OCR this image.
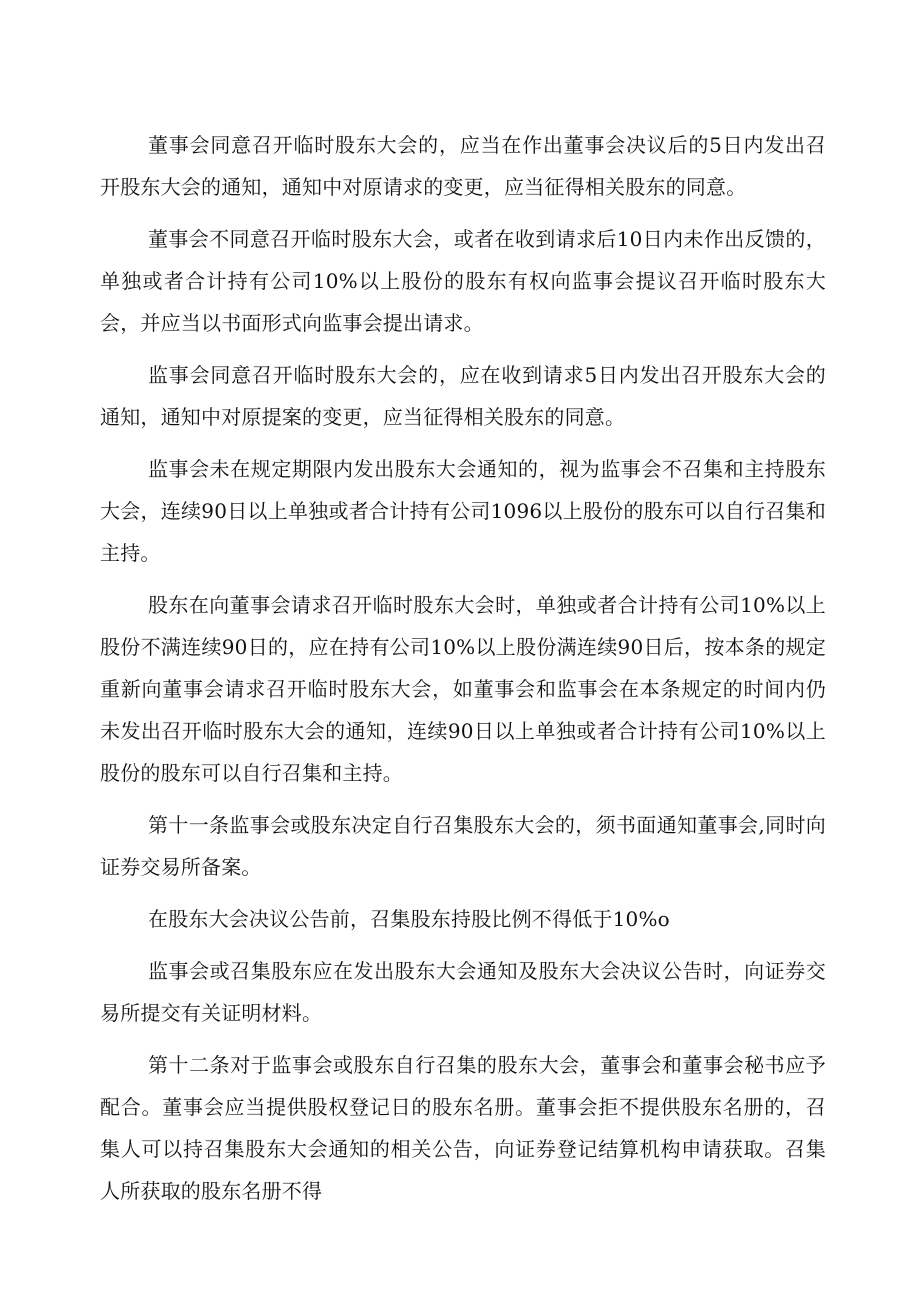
董事会同意召开临时股东大会的，应当在作出董事会决议后的5日内发出召开股东大会的通知，通知中对原请求的变更，应当征得相关股东的同意。

董事会不同意召开临时股东大会，或者在收到请求后10日内未作出反馈的，单独或者合计持有公司10%以上股份的股东有权向监事会提议召开临时股东大会，并应当以书面形式向监事会提出请求。

监事会同意召开临时股东大会的，应在收到请求5日内发出召开股东大会的通知，通知中对原提案的变更，应当征得相关股东的同意。

监事会未在规定期限内发出股东大会通知的，视为监事会不召集和主持股东大会，连续90日以上单独或者合计持有公司1096以上股份的股东可以自行召集和主持。

股东在向董事会请求召开临时股东大会时，单独或者合计持有公司10%以上股份不满连续90日的，应在持有公司10%以上股份满连续90日后，按本条的规定重新向董事会请求召开临时股东大会，如董事会和监事会在本条规定的时间内仍未发出召开临时股东大会的通知，连续90日以上单独或者合计持有公司10%以上股份的股东可以自行召集和主持。

第十一条监事会或股东决定自行召集股东大会的，须书面通知董事会,同时向证券交易所备案。

在股东大会决议公告前，召集股东持股比例不得低于10%o

监事会或召集股东应在发出股东大会通知及股东大会决议公告时，向证券交易所提交有关证明材料。

第十二条对于监事会或股东自行召集的股东大会，董事会和董事会秘书应予配合。董事会应当提供股权登记日的股东名册。董事会拒不提供股东名册的，召集人可以持召集股东大会通知的相关公告，向证券登记结算机构申请获取。召集人所获取的股东名册不得
